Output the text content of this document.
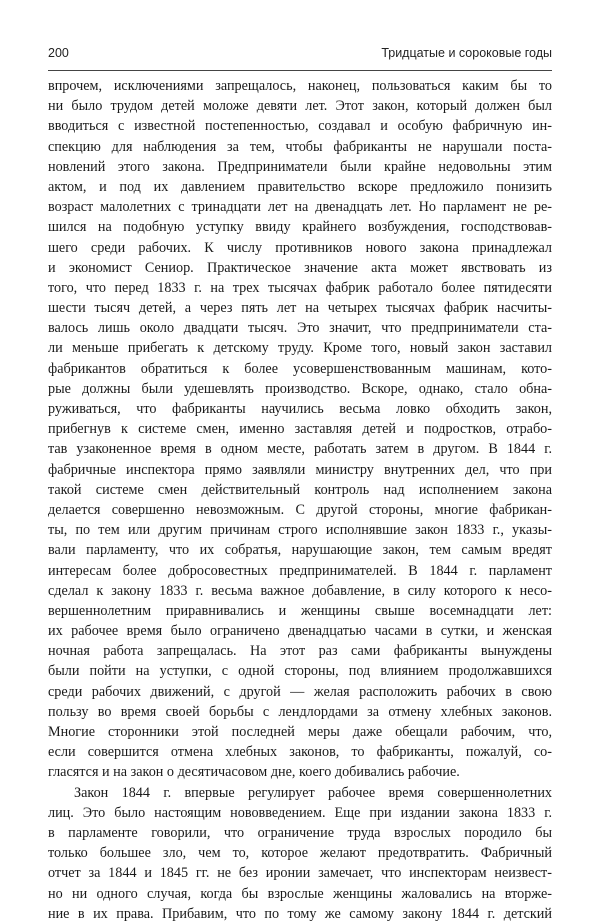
200	Тридцатые и сороковые годы
впрочем, исключениями запрещалось, наконец, пользоваться каким бы то
ни было трудом детей моложе девяти лет. Этот закон, который должен был
вводиться с известной постепенностью, создавал и особую фабричную ин-
спекцию для наблюдения за тем, чтобы фабриканты не нарушали поста-
новлений этого закона. Предприниматели были крайне недовольны этим
актом, и под их давлением правительство вскоре предложило понизить
возраст малолетних с тринадцати лет на двенадцать лет. Но парламент не ре-
шился на подобную уступку ввиду крайнего возбуждения, господствовав-
шего среди рабочих. К числу противников нового закона принадлежал
и экономист Сениор. Практическое значение акта может явствовать из
того, что перед 1833 г. на трех тысячах фабрик работало более пятидесяти
шести тысяч детей, а через пять лет на четырех тысячах фабрик насчиты-
валось лишь около двадцати тысяч. Это значит, что предприниматели ста-
ли меньше прибегать к детскому труду. Кроме того, новый закон заставил
фабрикантов обратиться к более усовершенствованным машинам, кото-
рые должны были удешевлять производство. Вскоре, однако, стало обна-
руживаться, что фабриканты научились весьма ловко обходить закон,
прибегнув к системе смен, именно заставляя детей и подростков, отрабо-
тав узаконенное время в одном месте, работать затем в другом. В 1844 г.
фабричные инспектора прямо заявляли министру внутренних дел, что при
такой системе смен действительный контроль над исполнением закона
делается совершенно невозможным. С другой стороны, многие фабрикан-
ты, по тем или другим причинам строго исполнявшие закон 1833 г., указы-
вали парламенту, что их собратья, нарушающие закон, тем самым вредят
интересам более добросовестных предпринимателей. В 1844 г. парламент
сделал к закону 1833 г. весьма важное добавление, в силу которого к несо-
вершеннолетним приравнивались и женщины свыше восемнадцати лет:
их рабочее время было ограничено двенадцатью часами в сутки, и женская
ночная работа запрещалась. На этот раз сами фабриканты вынуждены
были пойти на уступки, с одной стороны, под влиянием продолжавшихся
среди рабочих движений, с другой — желая расположить рабочих в свою
пользу во время своей борьбы с лендлордами за отмену хлебных законов.
Многие сторонники этой последней меры даже обещали рабочим, что,
если совершится отмена хлебных законов, то фабриканты, пожалуй, со-
гласятся и на закон о десятичасовом дне, коего добивались рабочие.
Закон 1844 г. впервые регулирует рабочее время совершеннолетних
лиц. Это было настоящим нововведением. Еще при издании закона 1833 г.
в парламенте говорили, что ограничение труда взрослых породило бы
только большее зло, чем то, которое желают предотвратить. Фабричный
отчет за 1844 и 1845 гг. не без иронии замечает, что инспекторам неизвест-
но ни одного случая, когда бы взрослые женщины жаловались на вторже-
ние в их права. Прибавим, что по тому же самому закону 1844 г. детский
